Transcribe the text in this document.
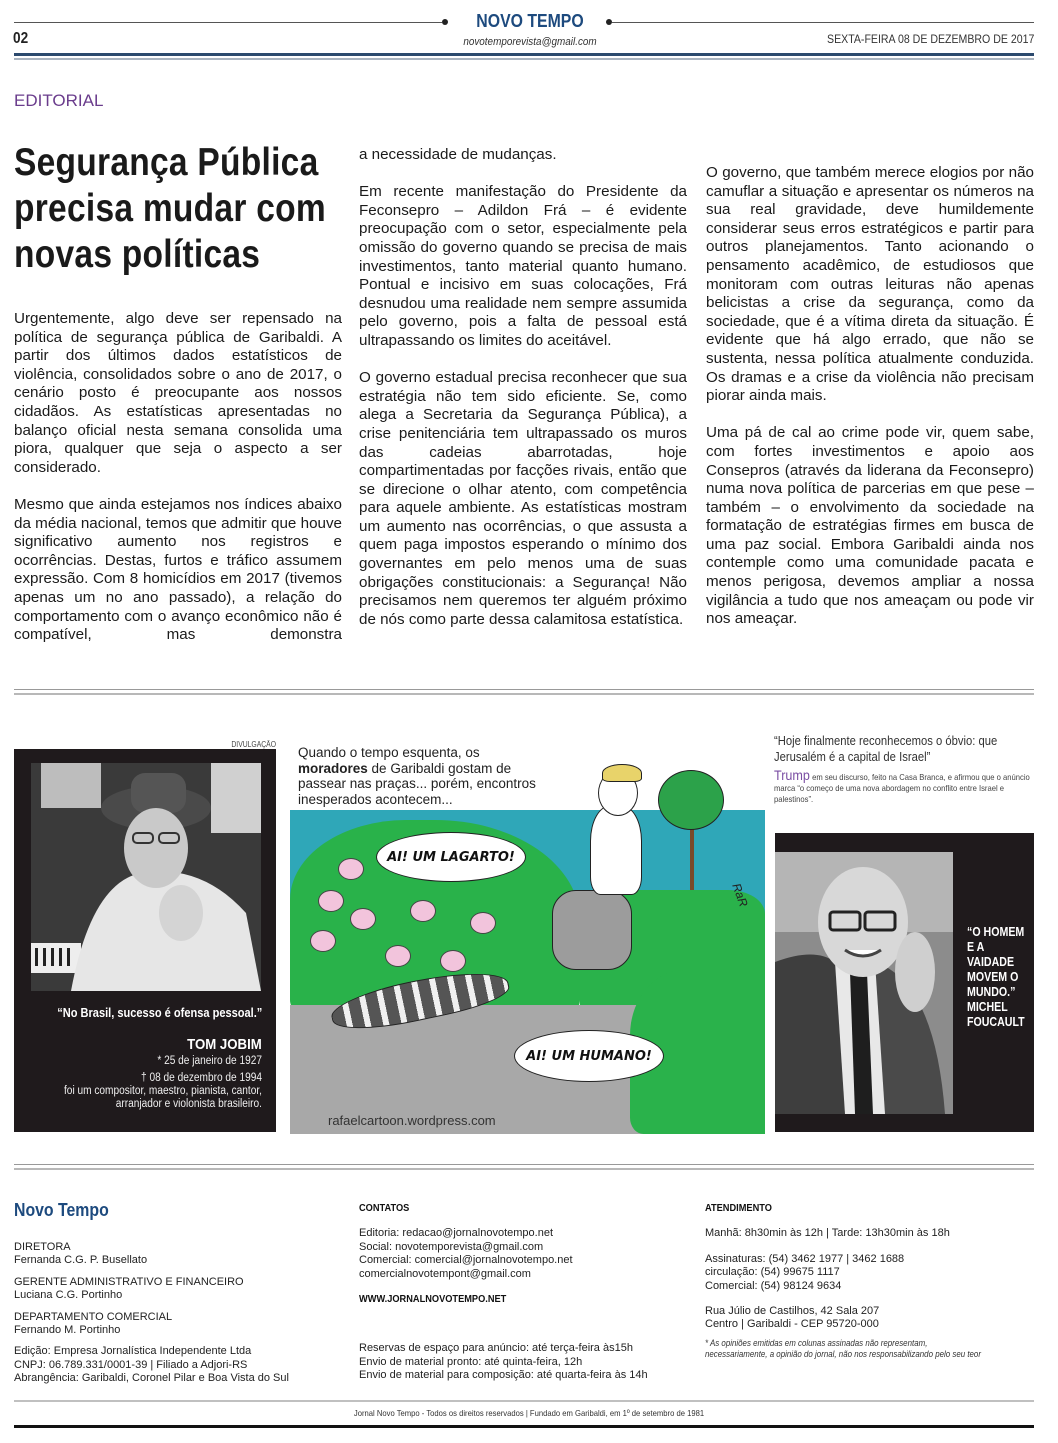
NOVO TEMPO
02	novotemporevista@gmail.com	SEXTA-FEIRA 08 DE DEZEMBRO DE 2017
EDITORIAL
Segurança Pública precisa mudar com novas políticas

Urgentemente, algo deve ser repensado na política de segurança pública de Garibaldi. A partir dos últimos dados estatísticos de violência, consolidados sobre o ano de 2017, o cenário posto é preocupante aos nossos cidadãos. As estatísticas apresentadas no balanço oficial nesta semana consolida uma piora, qualquer que seja o aspecto a ser considerado.

Mesmo que ainda estejamos nos índices abaixo da média nacional, temos que admitir que houve significativo aumento nos registros e ocorrências. Destas, furtos e tráfico assumem expressão. Com 8 homicídios em 2017 (tivemos apenas um no ano passado), a relação do comportamento com o avanço econômico não é compatível, mas demonstra

a necessidade de mudanças.

Em recente manifestação do Presidente da Feconsepro – Adildon Frá – é evidente preocupação com o setor, especialmente pela omissão do governo quando se precisa de mais investimentos, tanto material quanto humano. Pontual e incisivo em suas colocações, Frá desnudou uma realidade nem sempre assumida pelo governo, pois a falta de pessoal está ultrapassando os limites do aceitável.

O governo estadual precisa reconhecer que sua estratégia não tem sido eficiente. Se, como alega a Secretaria da Segurança Pública), a crise penitenciária tem ultrapassado os muros das cadeias abarrotadas, hoje compartimentadas por facções rivais, então que se direcione o olhar atento, com competência para aquele ambiente. As estatísticas mostram um aumento nas ocorrências, o que assusta a quem paga impostos esperando o mínimo dos governantes em pelo menos uma de suas obrigações constitucionais: a Segurança! Não precisamos nem queremos ter alguém próximo de nós como parte dessa calamitosa estatística.

O governo, que também merece elogios por não camuflar a situação e apresentar os números na sua real gravidade, deve humildemente considerar seus erros estratégicos e partir para outros planejamentos. Tanto acionando o pensamento acadêmico, de estudiosos que monitoram com outras leituras não apenas belicistas a crise da segurança, como da sociedade, que é a vítima direta da situação. É evidente que há algo errado, que não se sustenta, nessa política atualmente conduzida. Os dramas e a crise da violência não precisam piorar ainda mais.

Uma pá de cal ao crime pode vir, quem sabe, com fortes investimentos e apoio aos Consepros (através da liderana da Feconsepro) numa nova política de parcerias em que pese – também – o envolvimento da sociedade na formatação de estratégias firmes em busca de uma paz social. Embora Garibaldi ainda nos contemple como uma comunidade pacata e menos perigosa, devemos ampliar a nossa vigilância a tudo que nos ameaçam ou pode vir nos ameaçar.

DIVULGAÇÃO
“No Brasil, sucesso é ofensa pessoal.”
TOM JOBIM
* 25 de janeiro de 1927
† 08 de dezembro de 1994
foi um compositor, maestro, pianista, cantor,
arranjador e violonista brasileiro.
Quando o tempo esquenta, os
moradores de Garibaldi gostam de passear nas praças... porém, encontros inesperados acontecem...
AI! UM LAGARTO!
AI! UM HUMANO!
RaR
rafaelcartoon.wordpress.com
“Hoje finalmente reconhecemos o óbvio: que Jerusalém é a capital de Israel”
Trump em seu discurso, feito na Casa Branca, e afirmou que o anúncio marca “o começo de uma nova abordagem no conflito entre Israel e palestinos”.
“O HOMEM
E A
VAIDADE
MOVEM O
MUNDO.”
MICHEL
FOUCAULT
Novo Tempo
DIRETORA
Fernanda C.G. P. Busellato
GERENTE ADMINISTRATIVO E FINANCEIRO
Luciana C.G. Portinho
DEPARTAMENTO COMERCIAL
Fernando M. Portinho
Edição: Empresa Jornalística Independente Ltda
CNPJ: 06.789.331/0001-39 | Filiado a Adjori-RS
Abrangência: Garibaldi, Coronel Pilar e Boa Vista do Sul
CONTATOS
Editoria: redacao@jornalnovotempo.net
Social: novotemporevista@gmail.com
Comercial: comercial@jornalnovotempo.net
comercialnovotempont@gmail.com
WWW.JORNALNOVOTEMPO.NET
Reservas de espaço para anúncio: até terça-feira às15h
Envio de material pronto: até quinta-feira, 12h
Envio de material para composição: até quarta-feira às 14h
ATENDIMENTO
Manhã: 8h30min às 12h | Tarde: 13h30min às 18h
Assinaturas: (54) 3462 1977 | 3462 1688
circulação: (54) 99675 1117
Comercial: (54) 98124 9634
Rua Júlio de Castilhos, 42 Sala 207
Centro | Garibaldi - CEP 95720-000
* As opiniões emitidas em colunas assinadas não representam,
necessariamente, a opinião do jornal, não nos responsabilizando pelo seu teor
Jornal Novo Tempo - Todos os direitos reservados | Fundado em Garibaldi, em 1º de setembro de 1981
